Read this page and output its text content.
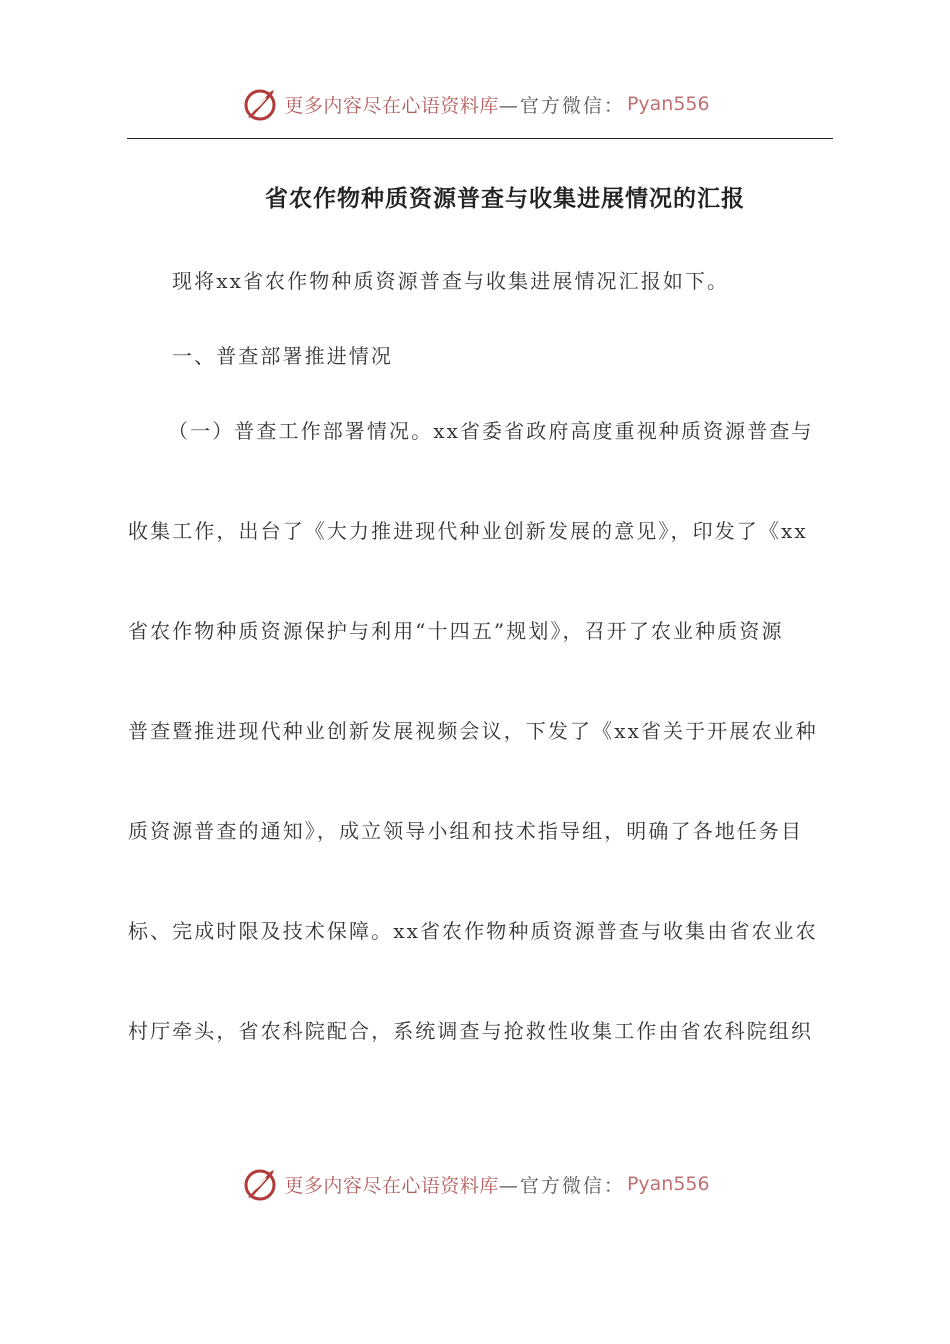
更多内容尽在心语资料库 —官方微信： Pyan556
省农作物种质资源普查与收集进展情况的汇报
现将xx省农作物种质资源普查与收集进展情况汇报如下。
一、普查部署推进情况
（一）普查工作部署情况。xx省委省政府高度重视种质资源普查与
收集工作，出台了《大力推进现代种业创新发展的意见》，印发了《xx
省农作物种质资源保护与利用“十四五”规划》，召开了农业种质资源
普查暨推进现代种业创新发展视频会议，下发了《xx省关于开展农业种
质资源普查的通知》，成立领导小组和技术指导组，明确了各地任务目
标、完成时限及技术保障。xx省农作物种质资源普查与收集由省农业农
村厅牵头，省农科院配合，系统调查与抢救性收集工作由省农科院组织
更多内容尽在心语资料库 —官方微信： Pyan556
